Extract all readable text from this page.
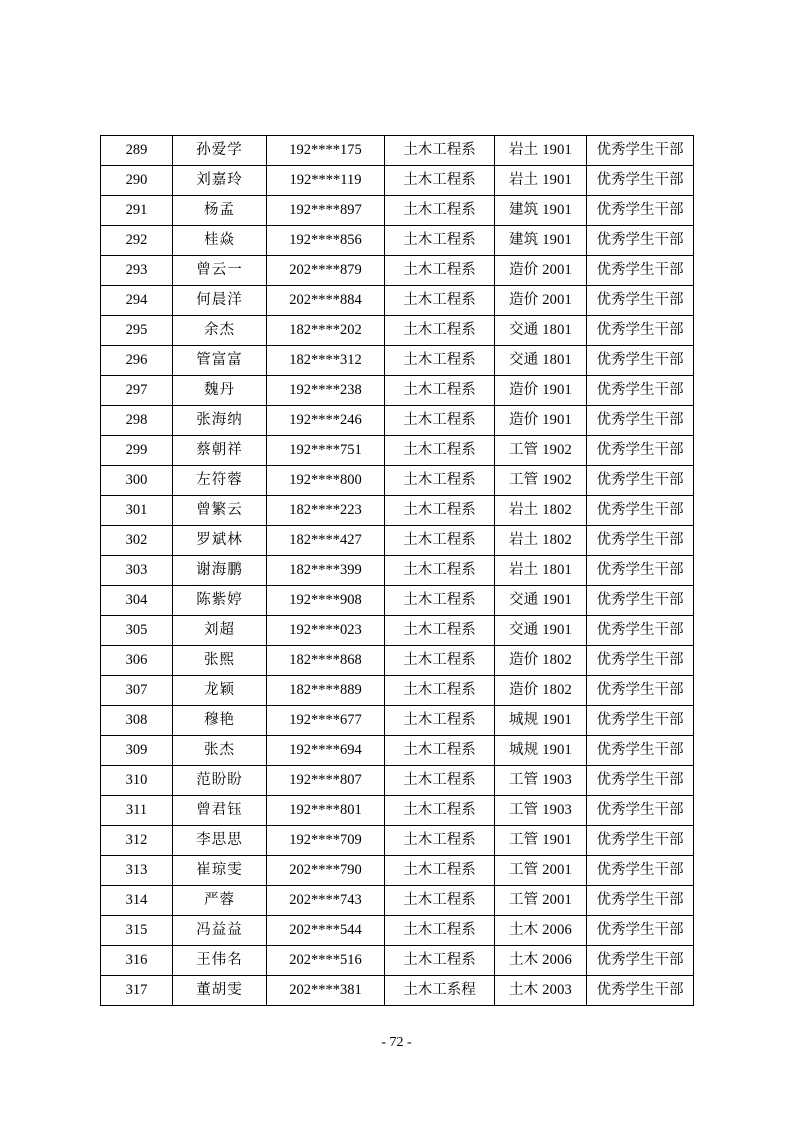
289	孙爱学	192****175	土木工程系	岩土 1901	优秀学生干部
290	刘嘉玲	192****119	土木工程系	岩土 1901	优秀学生干部
291	杨孟	192****897	土木工程系	建筑 1901	优秀学生干部
292	桂焱	192****856	土木工程系	建筑 1901	优秀学生干部
293	曾云一	202****879	土木工程系	造价 2001	优秀学生干部
294	何晨洋	202****884	土木工程系	造价 2001	优秀学生干部
295	余杰	182****202	土木工程系	交通 1801	优秀学生干部
296	管富富	182****312	土木工程系	交通 1801	优秀学生干部
297	魏丹	192****238	土木工程系	造价 1901	优秀学生干部
298	张海纳	192****246	土木工程系	造价 1901	优秀学生干部
299	蔡朝祥	192****751	土木工程系	工管 1902	优秀学生干部
300	左符蓉	192****800	土木工程系	工管 1902	优秀学生干部
301	曾繁云	182****223	土木工程系	岩土 1802	优秀学生干部
302	罗斌林	182****427	土木工程系	岩土 1802	优秀学生干部
303	谢海鹏	182****399	土木工程系	岩土 1801	优秀学生干部
304	陈紫婷	192****908	土木工程系	交通 1901	优秀学生干部
305	刘超	192****023	土木工程系	交通 1901	优秀学生干部
306	张熙	182****868	土木工程系	造价 1802	优秀学生干部
307	龙颖	182****889	土木工程系	造价 1802	优秀学生干部
308	穆艳	192****677	土木工程系	城规 1901	优秀学生干部
309	张杰	192****694	土木工程系	城规 1901	优秀学生干部
310	范盼盼	192****807	土木工程系	工管 1903	优秀学生干部
311	曾君钰	192****801	土木工程系	工管 1903	优秀学生干部
312	李思思	192****709	土木工程系	工管 1901	优秀学生干部
313	崔琼雯	202****790	土木工程系	工管 2001	优秀学生干部
314	严蓉	202****743	土木工程系	工管 2001	优秀学生干部
315	冯益益	202****544	土木工程系	土木 2006	优秀学生干部
316	王伟名	202****516	土木工程系	土木 2006	优秀学生干部
317	董胡雯	202****381	土木工系程	土木 2003	优秀学生干部
- 72 -
